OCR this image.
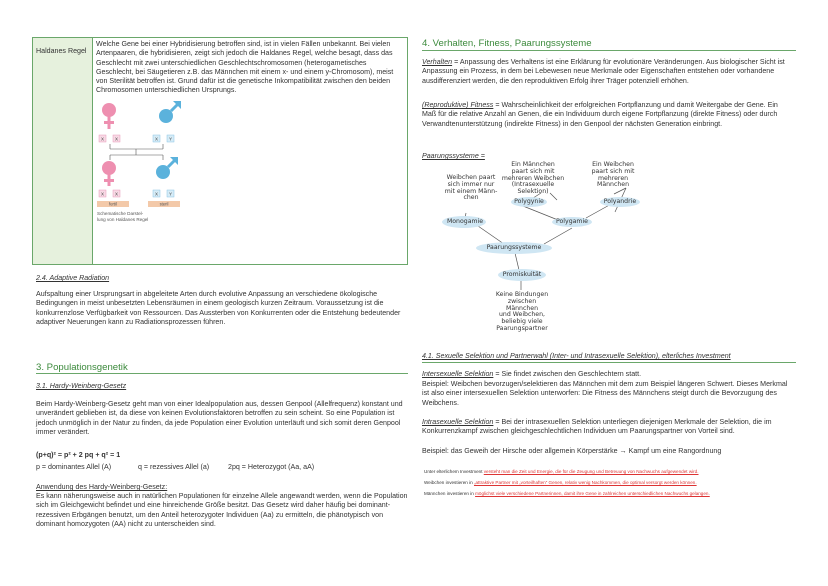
Haldanes Regel	
Welche Gene bei einer Hybridisierung betroffen sind, ist in vielen Fällen unbekannt. Bei vielen Artenpaaren, die hybridisieren, zeigt sich jedoch die Haldanes Regel, welche besagt, dass das Geschlecht mit zwei unterschiedlichen Geschlechtschromosomen (heterogametisches Geschlecht, bei Säugetieren z.B. das Männchen mit einem x- und einem y-Chromosom), meist von Sterilität betroffen ist. Grund dafür ist die genetische Inkompatibilität zwischen den beiden Chromosomen unterschiedlichen Ursprungs.
X X	X Y
X X	X Y
fertil	steril
Schematische Darstel-
lung von Haldanes Regel
2.4. Adaptive Radiation
Aufspaltung einer Ursprungsart in abgeleitete Arten durch evolutive Anpassung an verschiedene ökologische Bedingungen in meist unbesetzten Lebensräumen in einem geologisch kurzen Zeitraum. Voraussetzung ist die konkurrenzlose Verfügbarkeit von Ressourcen. Das Aussterben von Konkurrenten oder die Entstehung bedeutender adaptiver Neuerungen kann zu Radiationsprozessen führen.
3. Populationsgenetik
3.1. Hardy-Weinberg-Gesetz
Beim Hardy-Weinberg-Gesetz geht man von einer Idealpopulation aus, dessen Genpool (Allelfrequenz) konstant und unverändert geblieben ist, da diese von keinen Evolutionsfaktoren betroffen zu sein scheint. So eine Population ist jedoch unmöglich in der Natur zu finden, da jede Population einer Evolution unterläuft und sich somit deren Genpool immer verändert.
(p+q)² = p² + 2 pq + q² = 1
p = dominantes Allel (A)	q = rezessives Allel (a)	2pq = Heterozygot (Aa, aA)
Anwendung des Hardy-Weinberg-Gesetz:
Es kann näherungsweise auch in natürlichen Populationen für einzelne Allele angewandt werden, wenn die Population sich im Gleichgewicht befindet und eine hinreichende Größe besitzt. Das Gesetz wird daher häufig bei dominant-rezessiven Erbgängen benutzt, um den Anteil heterozygoter Individuen (Aa) zu ermitteln, die phänotypisch von dominant homozygoten (AA) nicht zu unterscheiden sind.
4. Verhalten, Fitness, Paarungssysteme
Verhalten = Anpassung des Verhaltens ist eine Erklärung für evolutionäre Veränderungen. Aus biologischer Sicht ist Anpassung ein Prozess, in dem bei Lebewesen neue Merkmale oder Eigenschaften entstehen oder vorhandene ausdifferenziert werden, die den reproduktiven Erfolg ihrer Träger potenziell erhöhen.
(Reproduktive) Fitness = Wahrscheinlichkeit der erfolgreichen Fortpflanzung und damit Weitergabe der Gene. Ein Maß für die relative Anzahl an Genen, die ein Individuum durch eigene Fortpflanzung (direkte Fitness) oder durch Verwandtenunterstützung (indirekte Fitness) in den Genpool der nächsten Generation einbringt.
Paarungssysteme =
Weibchen paart
sich immer nur
mit einem Männ-
chen
Ein Männchen
paart sich mit
mehreren Weibchen
(Intrasexuelle
Selektion)
Ein Weibchen
paart sich mit
mehreren
Männchen
Polygynie	Polyandrie
Monogamie	Polygamie
Paarungssysteme
Promiskuität
Keine Bindungen
zwischen Männchen
und Weibchen,
beliebig viele
Paarungspartner
4.1. Sexuelle Selektion und Partnerwahl (Inter- und Intrasexuelle Selektion), elterliches Investment
Intersexuelle Selektion = Sie findet zwischen den Geschlechtern statt.
Beispiel: Weibchen bevorzugen/selektieren das Männchen mit dem zum Beispiel längeren Schwert. Dieses Merkmal ist also einer intersexuellen Selektion unterworfen: Die Fitness des Männchens steigt durch die Bevorzugung des Weibchens.
Intrasexuelle Selektion = Bei der intrasexuellen Selektion unterliegen diejenigen Merkmale der Selektion, die im Konkurrenzkampf zwischen gleichgeschlechtlichen Individuen um Paarungspartner von Vorteil sind.
Beispiel: das Geweih der Hirsche oder allgemein Körperstärke → Kampf um eine Rangordnung
Unter elterlichem Investment versteht man die Zeit und Energie, die für die Zeugung und Betreuung von Nachwuchs aufgewendet wird.
Weibchen investieren in „attraktive Partner mit „vorteilhaften“ Genen, relativ wenig Nachkommen, die optimal versorgt werden können.
Männchen investieren in möglichst viele verschiedene Partnerinnen, damit ihre Gene in zahlreichen unterschiedlichen Nachwuchs gelangen.
